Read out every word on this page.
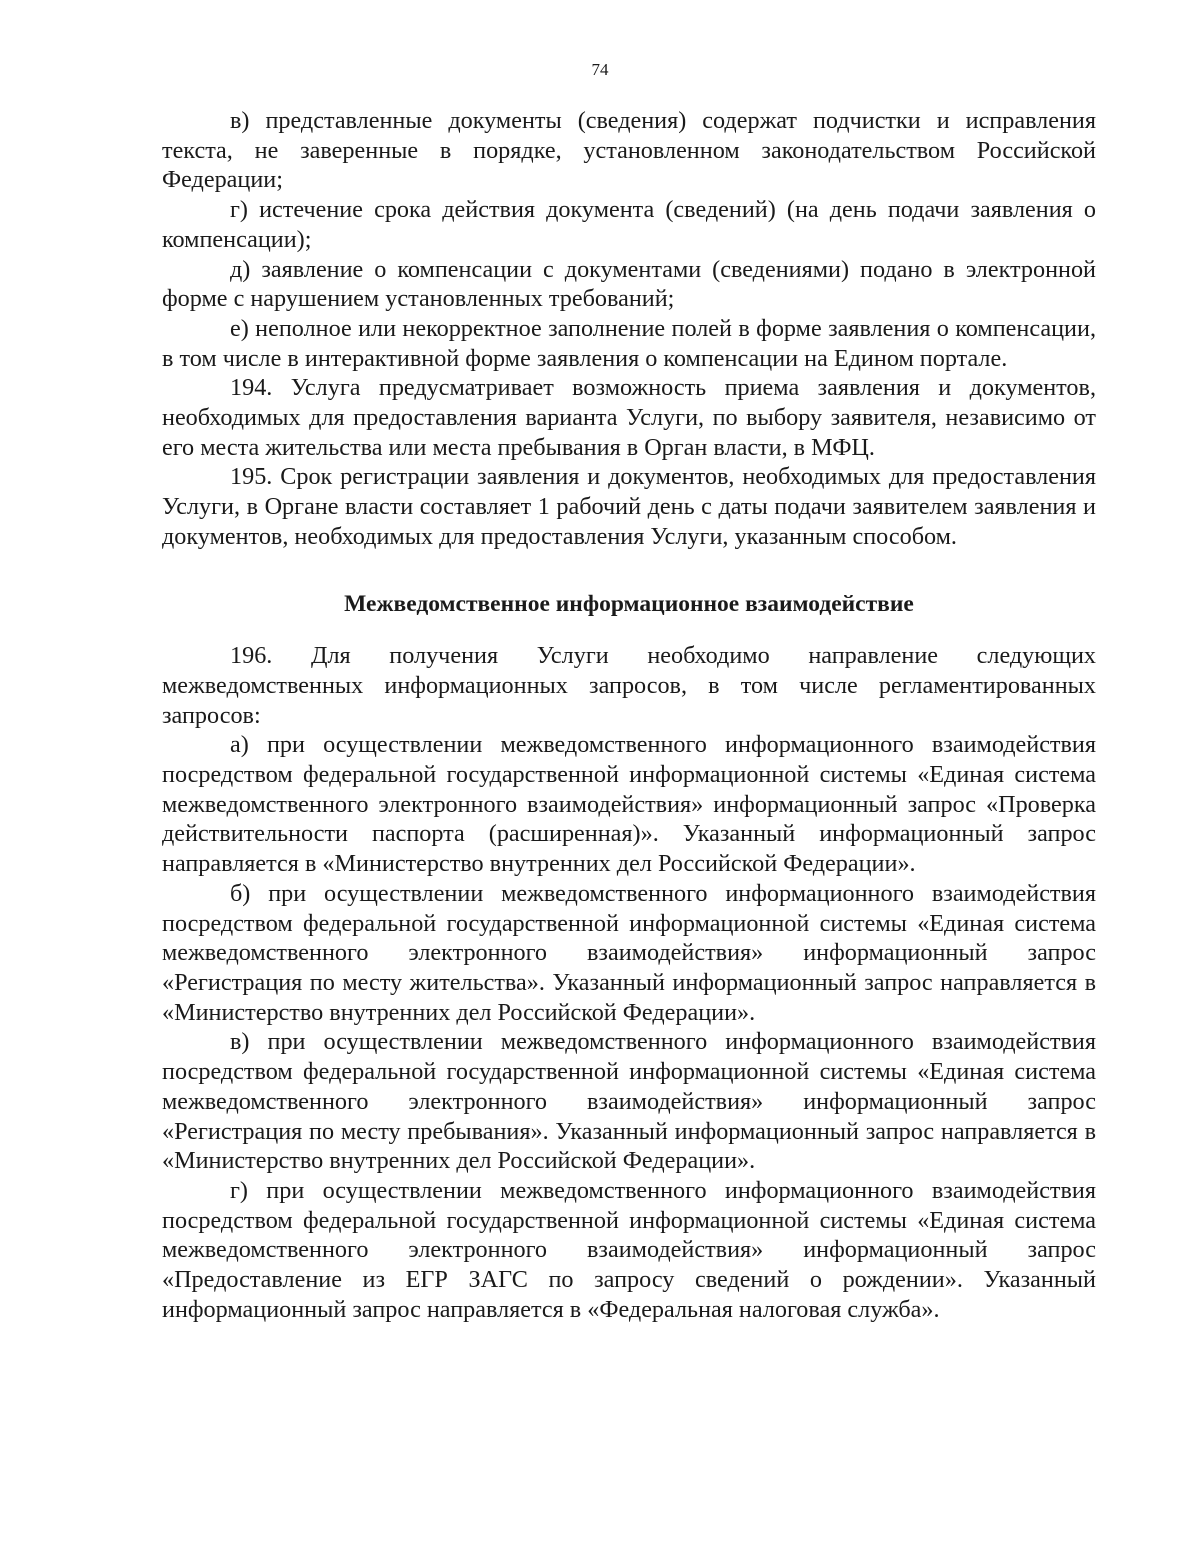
74

в) представленные документы (сведения) содержат подчистки и исправления текста, не заверенные в порядке, установленном законодательством Российской Федерации;

г) истечение срока действия документа (сведений) (на день подачи заявления о компенсации);

д) заявление о компенсации с документами (сведениями) подано в электронной форме с нарушением установленных требований;

е) неполное или некорректное заполнение полей в форме заявления о компенсации, в том числе в интерактивной форме заявления о компенсации на Едином портале.

194. Услуга предусматривает возможность приема заявления и документов, необходимых для предоставления варианта Услуги, по выбору заявителя, независимо от его места жительства или места пребывания в Орган власти, в МФЦ.

195. Срок регистрации заявления и документов, необходимых для предоставления Услуги, в Органе власти составляет 1 рабочий день с даты подачи заявителем заявления и документов, необходимых для предоставления Услуги, указанным способом.

Межведомственное информационное взаимодействие

196. Для получения Услуги необходимо направление следующих межведомственных информационных запросов, в том числе регламентированных запросов:

а) при осуществлении межведомственного информационного взаимодействия посредством федеральной государственной информационной системы «Единая система межведомственного электронного взаимодействия» информационный запрос «Проверка действительности паспорта (расширенная)». Указанный информационный запрос направляется в «Министерство внутренних дел Российской Федерации».

б) при осуществлении межведомственного информационного взаимодействия посредством федеральной государственной информационной системы «Единая система межведомственного электронного взаимодействия» информационный запрос «Регистрация по месту жительства». Указанный информационный запрос направляется в «Министерство внутренних дел Российской Федерации».

в) при осуществлении межведомственного информационного взаимодействия посредством федеральной государственной информационной системы «Единая система межведомственного электронного взаимодействия» информационный запрос «Регистрация по месту пребывания». Указанный информационный запрос направляется в «Министерство внутренних дел Российской Федерации».

г) при осуществлении межведомственного информационного взаимодействия посредством федеральной государственной информационной системы «Единая система межведомственного электронного взаимодействия» информационный запрос «Предоставление из ЕГР ЗАГС по запросу сведений о рождении». Указанный информационный запрос направляется в «Федеральная налоговая служба».
